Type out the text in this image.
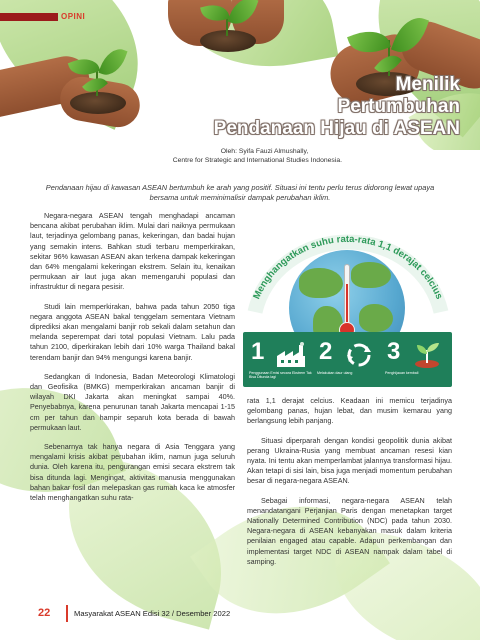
OPINI
Menilik
Pertumbuhan
Pendanaan Hijau di ASEAN
Oleh: Syifa Fauzi Almushally,
Centre for Strategic and International Studies Indonesia.

Pendanaan hijau di kawasan ASEAN bertumbuh ke arah yang positif. Situasi ini tentu perlu terus didorong lewat upaya bersama untuk meminimalisir dampak perubahan iklim.

Negara-negara ASEAN tengah menghadapi ancaman bencana akibat perubahan iklim. Mulai dari naiknya permukaan laut, terjadinya gelombang panas, kekeringan, dan badai hujan yang semakin intens. Bahkan studi terbaru memperkirakan, sekitar 96% kawasan ASEAN akan terkena dampak kekeringan dan 64% mengalami kekeringan ekstrem. Selain itu, kenaikan permukaan air laut juga akan memengaruhi populasi dan infrastruktur di negara pesisir.

Studi lain memperkirakan, bahwa pada tahun 2050 tiga negara anggota ASEAN bakal tenggelam sementara Vietnam diprediksi akan mengalami banjir rob sekali dalam setahun dan melanda seperempat dari total populasi Vietnam. Lalu pada tahun 2100, diperkirakan lebih dari 10% warga Thailand bakal terendam banjir dan 94% mengungsi karena banjir.

Sedangkan di Indonesia, Badan Meteorologi Klimatologi dan Geofisika (BMKG) memperkirakan ancaman banjir di wilayah DKI Jakarta akan meningkat sampai 40%. Penyebabnya, karena penurunan tanah Jakarta mencapai 1-15 cm per tahun dan hampir separuh kota berada di bawah permukaan laut.

Sebenarnya tak hanya negara di Asia Tenggara yang mengalami krisis akibat perubahan iklim, namun juga seluruh dunia. Oleh karena itu, pengurangan emisi secara ekstrem tak bisa ditunda lagi. Mengingat, aktivitas manusia menggunakan bahan bakar fosil dan melepaskan gas rumah kaca ke atmosfer telah menghangatkan suhu rata-

Menghangatkan suhu rata-rata 1,1 derajat celcius
1
Penggunaan Emisi secara Ekstrem Tak Bisa Ditunda lagi
2
Melakukan daur ulang
3
Penghijauan kembali

rata 1,1 derajat celcius. Keadaan ini memicu terjadinya gelombang panas, hujan lebat, dan musim kemarau yang berlangsung lebih panjang.

Situasi diperparah dengan kondisi geopolitik dunia akibat perang Ukraina-Rusia yang membuat ancaman resesi kian nyata. Ini tentu akan memperlambat jalannya transformasi hijau. Akan tetapi di sisi lain, bisa juga menjadi momentum perubahan besar di negara-negara ASEAN.

Sebagai informasi, negara-negara ASEAN telah menandatangani Perjanjian Paris dengan menetapkan target Nationally Determined Contribution (NDC) pada tahun 2030. Negara-negara di ASEAN kebanyakan masuk dalam kriteria penilaian engaged atau capable. Adapun perkembangan dan implementasi target NDC di ASEAN nampak dalam tabel di samping.

22	Masyarakat ASEAN Edisi 32 / Desember 2022
